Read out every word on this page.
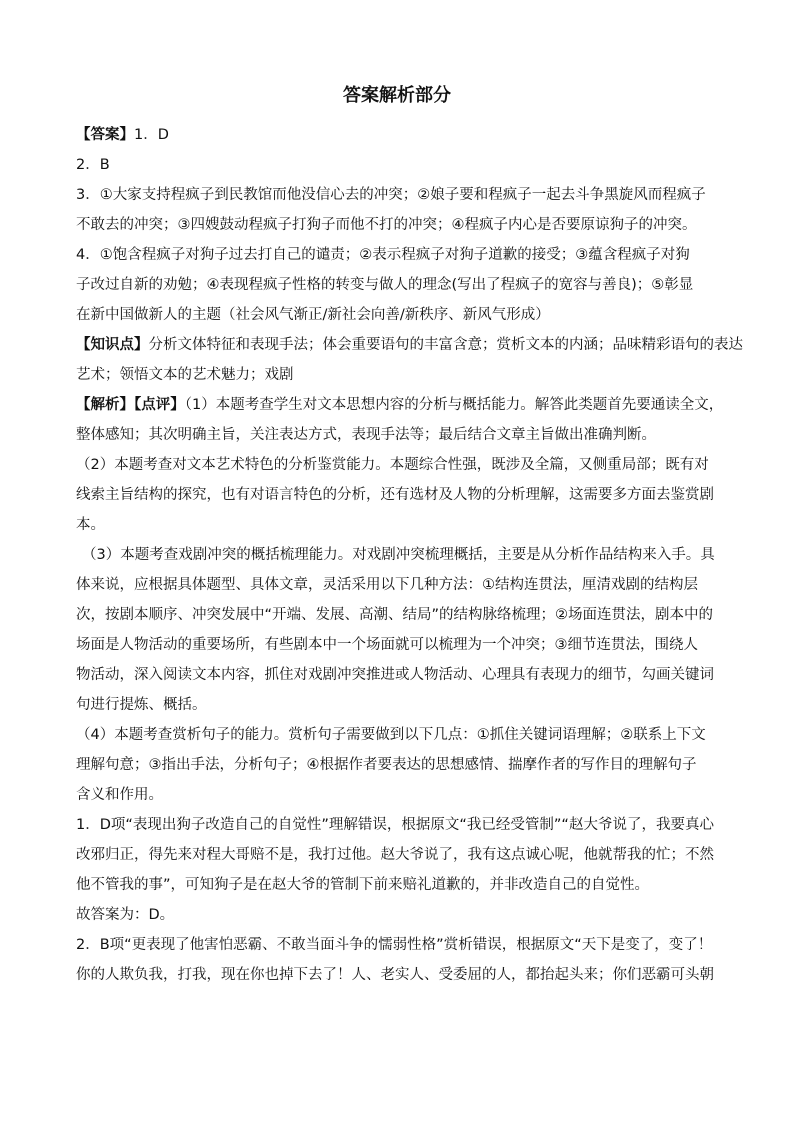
答案解析部分
【答案】1．D
2．B
3．①大家支持程疯子到民教馆而他没信心去的冲突；②娘子要和程疯子一起去斗争黑旋风而程疯子
不敢去的冲突；③四嫂鼓动程疯子打狗子而他不打的冲突；④程疯子内心是否要原谅狗子的冲突。
4．①饱含程疯子对狗子过去打自己的谴责；②表示程疯子对狗子道歉的接受；③蕴含程疯子对狗
子改过自新的劝勉；④表现程疯子性格的转变与做人的理念(写出了程疯子的宽容与善良)；⑤彰显
在新中国做新人的主题（社会风气渐正/新社会向善/新秩序、新风气形成）
【知识点】分析文体特征和表现手法；体会重要语句的丰富含意；赏析文本的内涵；品味精彩语句的表达
艺术；领悟文本的艺术魅力；戏剧
【解析】【点评】（1）本题考查学生对文本思想内容的分析与概括能力。解答此类题首先要通读全文，
整体感知；其次明确主旨，关注表达方式，表现手法等；最后结合文章主旨做出准确判断。
（2）本题考查对文本艺术特色的分析鉴赏能力。本题综合性强，既涉及全篇，又侧重局部；既有对
线索主旨结构的探究，也有对语言特色的分析，还有选材及人物的分析理解，这需要多方面去鉴赏剧
本。
（3）本题考查戏剧冲突的概括梳理能力。对戏剧冲突梳理概括，主要是从分析作品结构来入手。具
体来说，应根据具体题型、具体文章，灵活采用以下几种方法：①结构连贯法，厘清戏剧的结构层
次，按剧本顺序、冲突发展中“开端、发展、高潮、结局”的结构脉络梳理；②场面连贯法，剧本中的
场面是人物活动的重要场所，有些剧本中一个场面就可以梳理为一个冲突；③细节连贯法，围绕人
物活动，深入阅读文本内容，抓住对戏剧冲突推进或人物活动、心理具有表现力的细节，勾画关键词
句进行提炼、概括。
（4）本题考查赏析句子的能力。赏析句子需要做到以下几点：①抓住关键词语理解；②联系上下文
理解句意；③指出手法，分析句子；④根据作者要表达的思想感情、揣摩作者的写作目的理解句子
含义和作用。
1．D项“表现出狗子改造自己的自觉性”理解错误，根据原文“我已经受管制”“赵大爷说了，我要真心
改邪归正，得先来对程大哥赔不是，我打过他。赵大爷说了，我有这点诚心呢，他就帮我的忙；不然
他不管我的事”，可知狗子是在赵大爷的管制下前来赔礼道歉的，并非改造自己的自觉性。
故答案为：D。
2．B项“更表现了他害怕恶霸、不敢当面斗争的懦弱性格”赏析错误，根据原文“天下是变了，变了！
你的人欺负我，打我，现在你也掉下去了！人、老实人、受委屈的人，都抬起头来；你们恶霸可头朝
